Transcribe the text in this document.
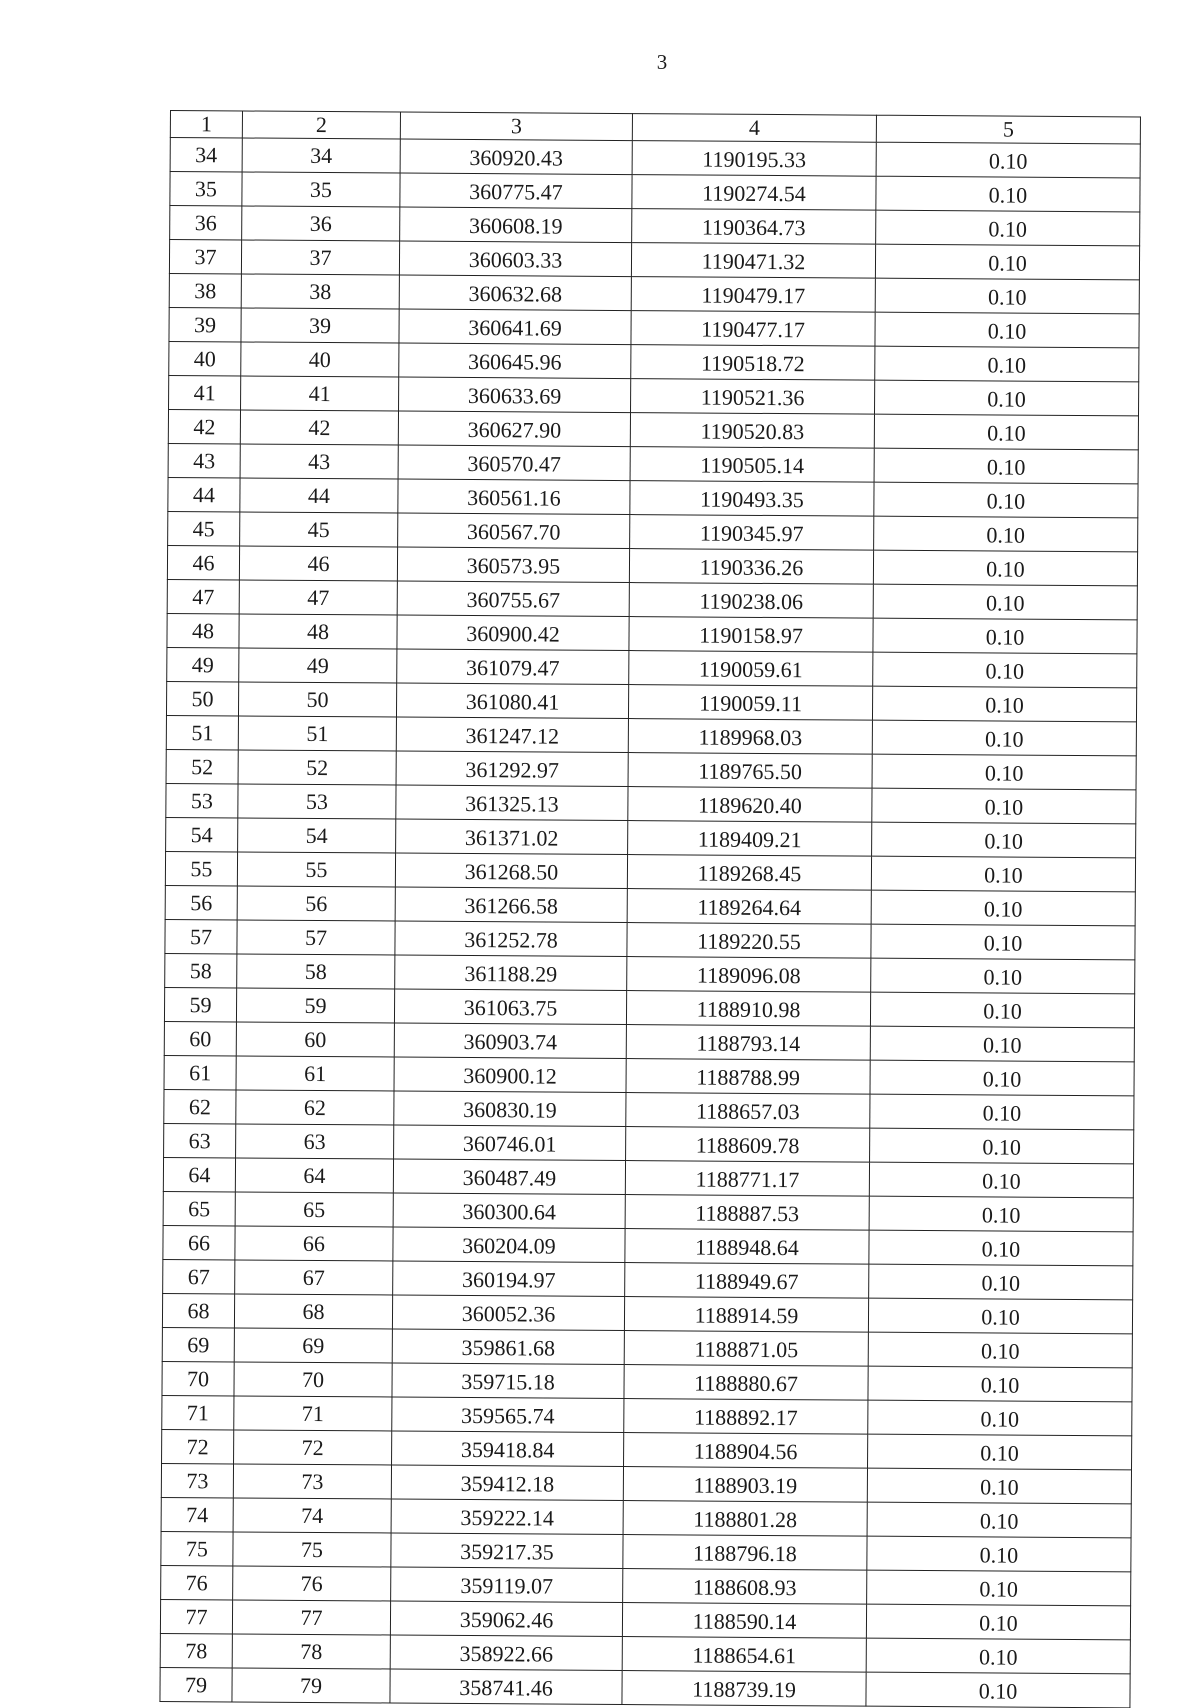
3
1	2	3	4	5
34	34	360920.43	1190195.33	0.10
35	35	360775.47	1190274.54	0.10
36	36	360608.19	1190364.73	0.10
37	37	360603.33	1190471.32	0.10
38	38	360632.68	1190479.17	0.10
39	39	360641.69	1190477.17	0.10
40	40	360645.96	1190518.72	0.10
41	41	360633.69	1190521.36	0.10
42	42	360627.90	1190520.83	0.10
43	43	360570.47	1190505.14	0.10
44	44	360561.16	1190493.35	0.10
45	45	360567.70	1190345.97	0.10
46	46	360573.95	1190336.26	0.10
47	47	360755.67	1190238.06	0.10
48	48	360900.42	1190158.97	0.10
49	49	361079.47	1190059.61	0.10
50	50	361080.41	1190059.11	0.10
51	51	361247.12	1189968.03	0.10
52	52	361292.97	1189765.50	0.10
53	53	361325.13	1189620.40	0.10
54	54	361371.02	1189409.21	0.10
55	55	361268.50	1189268.45	0.10
56	56	361266.58	1189264.64	0.10
57	57	361252.78	1189220.55	0.10
58	58	361188.29	1189096.08	0.10
59	59	361063.75	1188910.98	0.10
60	60	360903.74	1188793.14	0.10
61	61	360900.12	1188788.99	0.10
62	62	360830.19	1188657.03	0.10
63	63	360746.01	1188609.78	0.10
64	64	360487.49	1188771.17	0.10
65	65	360300.64	1188887.53	0.10
66	66	360204.09	1188948.64	0.10
67	67	360194.97	1188949.67	0.10
68	68	360052.36	1188914.59	0.10
69	69	359861.68	1188871.05	0.10
70	70	359715.18	1188880.67	0.10
71	71	359565.74	1188892.17	0.10
72	72	359418.84	1188904.56	0.10
73	73	359412.18	1188903.19	0.10
74	74	359222.14	1188801.28	0.10
75	75	359217.35	1188796.18	0.10
76	76	359119.07	1188608.93	0.10
77	77	359062.46	1188590.14	0.10
78	78	358922.66	1188654.61	0.10
79	79	358741.46	1188739.19	0.10
